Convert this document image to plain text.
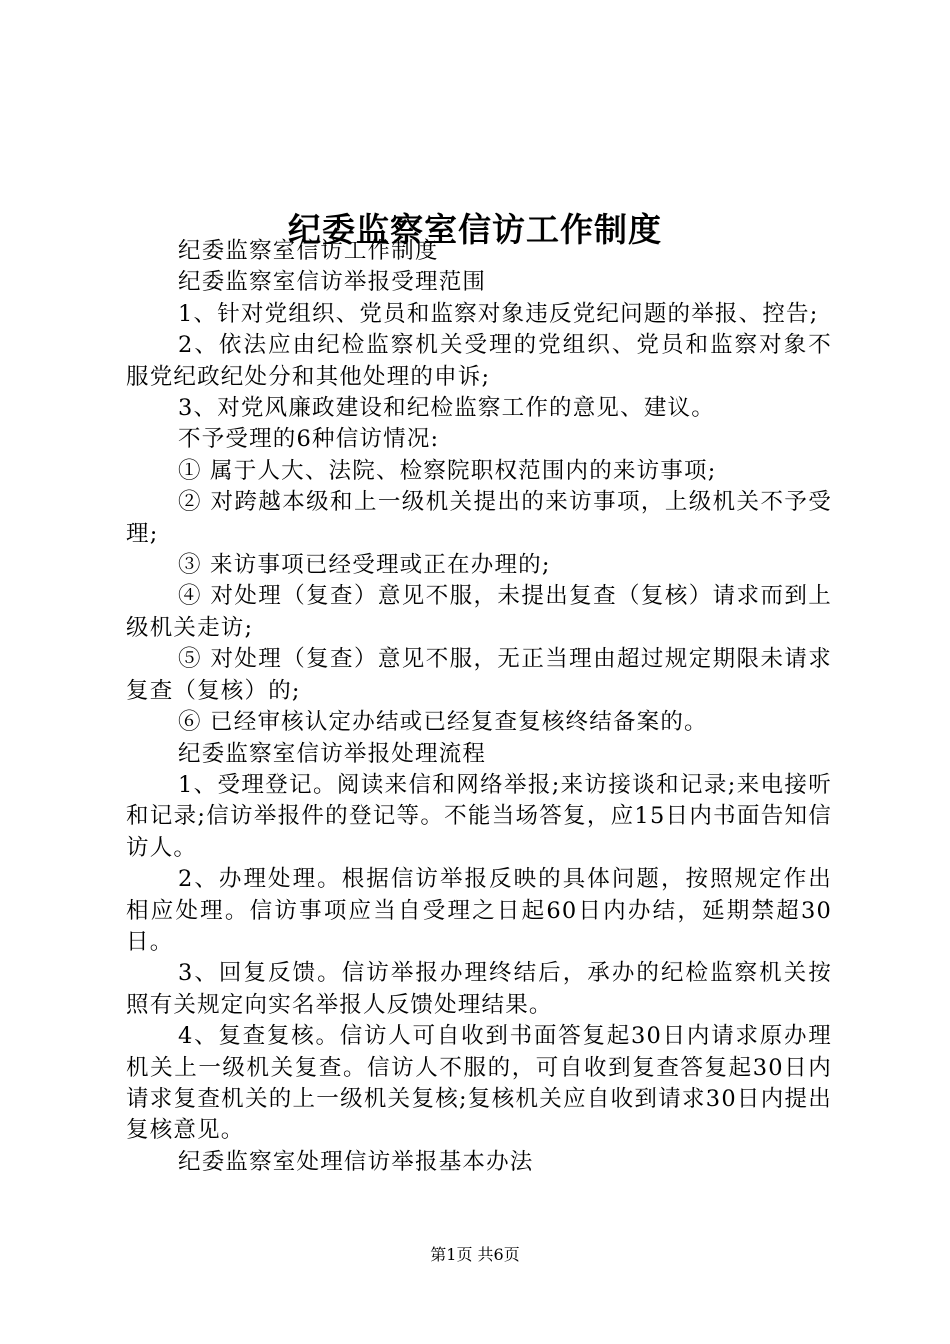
纪委监察室信访工作制度

纪委监察室信访工作制度

纪委监察室信访举报受理范围

1、针对党组织、党员和监察对象违反党纪问题的举报、控告;

2、依法应由纪检监察机关受理的党组织、党员和监察对象不服党纪政纪处分和其他处理的申诉;

3、对党风廉政建设和纪检监察工作的意见、建议。

不予受理的6种信访情况:

① 属于人大、法院、检察院职权范围内的来访事项;

② 对跨越本级和上一级机关提出的来访事项，上级机关不予受理;

③ 来访事项已经受理或正在办理的;

④ 对处理（复查）意见不服，未提出复查（复核）请求而到上级机关走访;

⑤ 对处理（复查）意见不服，无正当理由超过规定期限未请求复查（复核）的;

⑥ 已经审核认定办结或已经复查复核终结备案的。

纪委监察室信访举报处理流程

1、受理登记。阅读来信和网络举报;来访接谈和记录;来电接听和记录;信访举报件的登记等。不能当场答复，应15日内书面告知信访人。

2、办理处理。根据信访举报反映的具体问题，按照规定作出相应处理。信访事项应当自受理之日起60日内办结，延期禁超30日。

3、回复反馈。信访举报办理终结后，承办的纪检监察机关按照有关规定向实名举报人反馈处理结果。

4、复查复核。信访人可自收到书面答复起30日内请求原办理机关上一级机关复查。信访人不服的，可自收到复查答复起30日内请求复查机关的上一级机关复核;复核机关应自收到请求30日内提出复核意见。

纪委监察室处理信访举报基本办法

第1页 共6页
